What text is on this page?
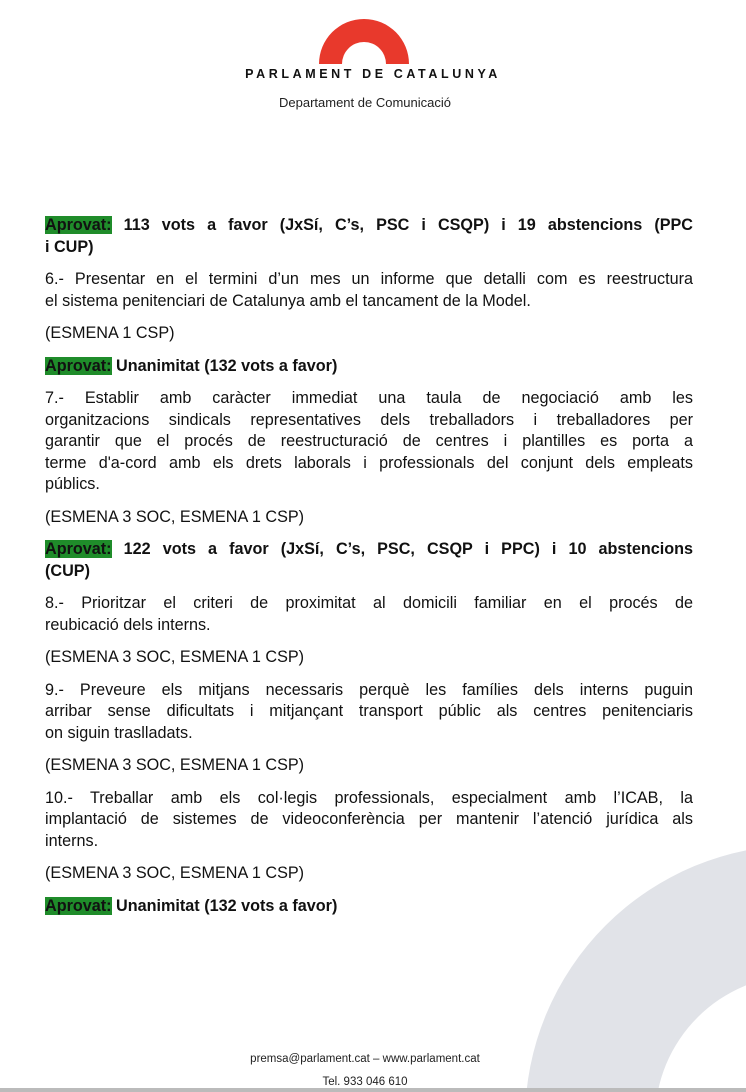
PARLAMENT DE CATALUNYA
Departament de Comunicació
Aprovat: 113 vots a favor (JxSí, C’s, PSC i CSQP) i 19 abstencions (PPC
i CUP)
6.- Presentar en el termini d’un mes un informe que detalli com es reestructura
el sistema penitenciari de Catalunya amb el tancament de la Model.
(ESMENA 1 CSP)
Aprovat: Unanimitat (132 vots a favor)
7.- Establir amb caràcter immediat una taula de negociació amb les
organitzacions sindicals representatives dels treballadors i treballadores per
garantir que el procés de reestructuració de centres i plantilles es porta a
terme d'a-cord amb els drets laborals i professionals del conjunt dels empleats
públics.
(ESMENA 3 SOC, ESMENA 1 CSP)
Aprovat: 122 vots a favor (JxSí, C’s, PSC, CSQP i PPC) i 10 abstencions
(CUP)
8.- Prioritzar el criteri de proximitat al domicili familiar en el procés de
reubicació dels interns.
(ESMENA 3 SOC, ESMENA 1 CSP)
9.- Preveure els mitjans necessaris perquè les famílies dels interns puguin
arribar sense dificultats i mitjançant transport públic als centres penitenciaris
on siguin traslladats.
(ESMENA 3 SOC, ESMENA 1 CSP)
10.- Treballar amb els col·legis professionals, especialment amb l’ICAB, la
implantació de sistemes de videoconferència per mantenir l’atenció jurídica als
interns.
(ESMENA 3 SOC, ESMENA 1 CSP)
Aprovat: Unanimitat (132 vots a favor)
premsa@parlament.cat – www.parlament.cat
Tel. 933 046 610
